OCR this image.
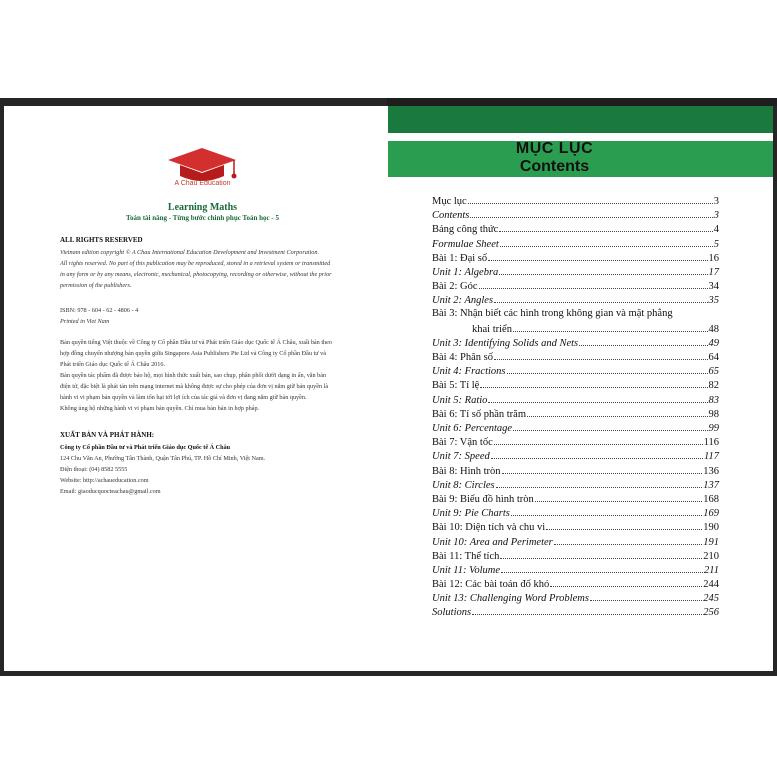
A Chau Education
Learning Maths
Toán tài năng - Từng bước chinh phục Toán học - 5
ALL RIGHTS RESERVED
Vietnam edition copyright © A Chau International Education Development and Investment Corporation.
All rights reserved. No part of this publication may be reproduced, stored in a retrieval system or transmitted
in any form or by any means, electronic, mechanical, photocopying, recording or otherwise, without the prior
permission of the publishers.
ISBN: 978 - 604 - 62 - 4806 - 4
Printed in Viet Nam
Bản quyền tiếng Việt thuộc về Công ty Cổ phần Đầu tư và Phát triển Giáo dục Quốc tế Á Châu, xuất bản theo
hợp đồng chuyển nhượng bản quyền giữa Singapore Asia Publishers Pte Ltd và Công ty Cổ phần Đầu tư và
Phát triển Giáo dục Quốc tế Á Châu 2016.
Bản quyền tác phẩm đã được bảo hộ, mọi hình thức xuất bản, sao chụp, phân phối dưới dạng in ấn, văn bản
điện tử, đặc biệt là phát tán trên mạng internet mà không được sự cho phép của đơn vị nắm giữ bản quyền là
hành vi vi phạm bản quyền và làm tổn hại tới lợi ích của tác giả và đơn vị đang nắm giữ bản quyền.
Không ủng hộ những hành vi vi phạm bản quyền. Chỉ mua bản bản in hợp pháp.
XUẤT BẢN VÀ PHÁT HÀNH:
Công ty Cổ phần Đầu tư và Phát triển Giáo dục Quốc tế Á Châu
124 Chu Văn An, Phường Tân Thành, Quận Tân Phú, TP. Hồ Chí Minh, Việt Nam.
Điện thoại: (04) 8582 5555
Website: http://achaueducation.com
Email: giaoducquocteachau@gmail.com
MỤC LỤC
Contents
Mục lục	3
Contents	3
Bảng công thức	4
Formulae Sheet	5
Bài 1: Đại số	16
Unit 1: Algebra	17
Bài 2: Góc	34
Unit 2: Angles	35
Bài 3: Nhận biết các hình trong không gian và mặt phẳng
khai triển	48
Unit 3: Identifying Solids and Nets	49
Bài 4: Phân số	64
Unit 4: Fractions	65
Bài 5: Tỉ lệ	82
Unit 5: Ratio	83
Bài 6: Tỉ số phần trăm	98
Unit 6: Percentage	99
Bài 7: Vận tốc	116
Unit 7: Speed	117
Bài 8: Hình tròn	136
Unit 8: Circles	137
Bài 9: Biểu đồ hình tròn	168
Unit 9: Pie Charts	169
Bài 10: Diện tích và chu vi	190
Unit 10: Area and Perimeter	191
Bài 11: Thể tích	210
Unit 11: Volume	211
Bài 12: Các bài toán đố khó	244
Unit 13: Challenging Word Problems	245
Solutions	256
